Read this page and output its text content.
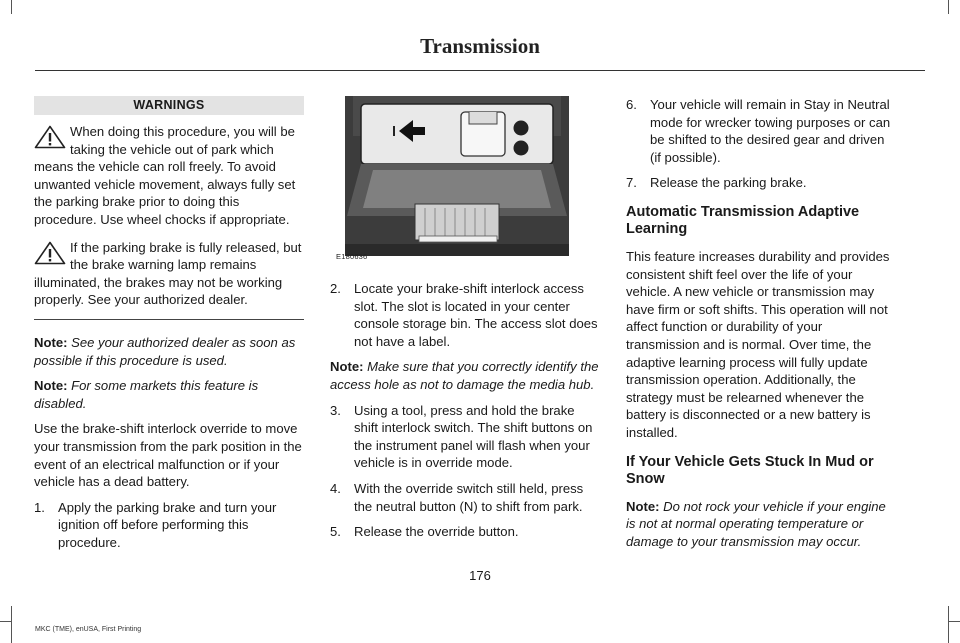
Transmission
WARNINGS
When doing this procedure, you will be taking the vehicle out of park which means the vehicle can roll freely. To avoid unwanted vehicle movement, always fully set the parking brake prior to doing this procedure. Use wheel chocks if appropriate.
If the parking brake is fully released, but the brake warning lamp remains illuminated, the brakes may not be working properly. See your authorized dealer.

Note: See your authorized dealer as soon as possible if this procedure is used.

Note: For some markets this feature is disabled.

Use the brake-shift interlock override to move your transmission from the park position in the event of an electrical malfunction or if your vehicle has a dead battery.

1. Apply the parking brake and turn your ignition off before performing this procedure.
E180636
2. Locate your brake-shift interlock access slot. The slot is located in your center console storage bin. The access slot does not have a label.

Note: Make sure that you correctly identify the access hole as not to damage the media hub.

3. Using a tool, press and hold the brake shift interlock switch. The shift buttons on the instrument panel will flash when your vehicle is in override mode.
4. With the override switch still held, press the neutral button (N) to shift from park.
5. Release the override button.
6. Your vehicle will remain in Stay in Neutral mode for wrecker towing purposes or can be shifted to the desired gear and driven (if possible).
7. Release the parking brake.
Automatic Transmission Adaptive Learning

This feature increases durability and provides consistent shift feel over the life of your vehicle. A new vehicle or transmission may have firm or soft shifts. This operation will not affect function or durability of your transmission and is normal. Over time, the adaptive learning process will fully update transmission operation. Additionally, the strategy must be relearned whenever the battery is disconnected or a new battery is installed.

If Your Vehicle Gets Stuck In Mud or Snow

Note: Do not rock your vehicle if your engine is not at normal operating temperature or damage to your transmission may occur.

176
MKC (TME), enUSA, First Printing
